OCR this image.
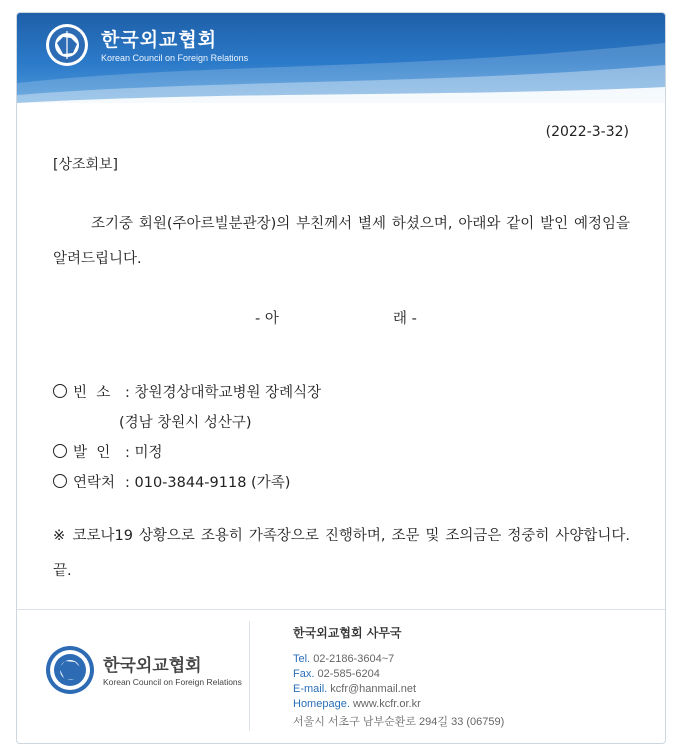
한국외교협회
Korean Council on Foreign Relations
(2022-3-32)
[상조회보]
조기중 회원(주아르빌분관장)의 부친께서 별세 하셨으며, 아래와 같이 발인 예정임을 알려드립니다.
- 아	래 -
빈  소 : 창원경상대학교병원 장례식장
(경남 창원시 성산구)
발  인 : 미정
연락처 : 010-3844-9118 (가족)
※ 코로나19 상황으로 조용히 가족장으로 진행하며, 조문 및 조의금은 정중히 사양합니다. 끝.
한국외교협회
Korean Council on Foreign Relations
한국외교협회 사무국
Tel. 02-2186-3604~7
Fax. 02-585-6204
E-mail. kcfr@hanmail.net
Homepage. www.kcfr.or.kr
서울시 서초구 남부순환로 294길 33 (06759)
